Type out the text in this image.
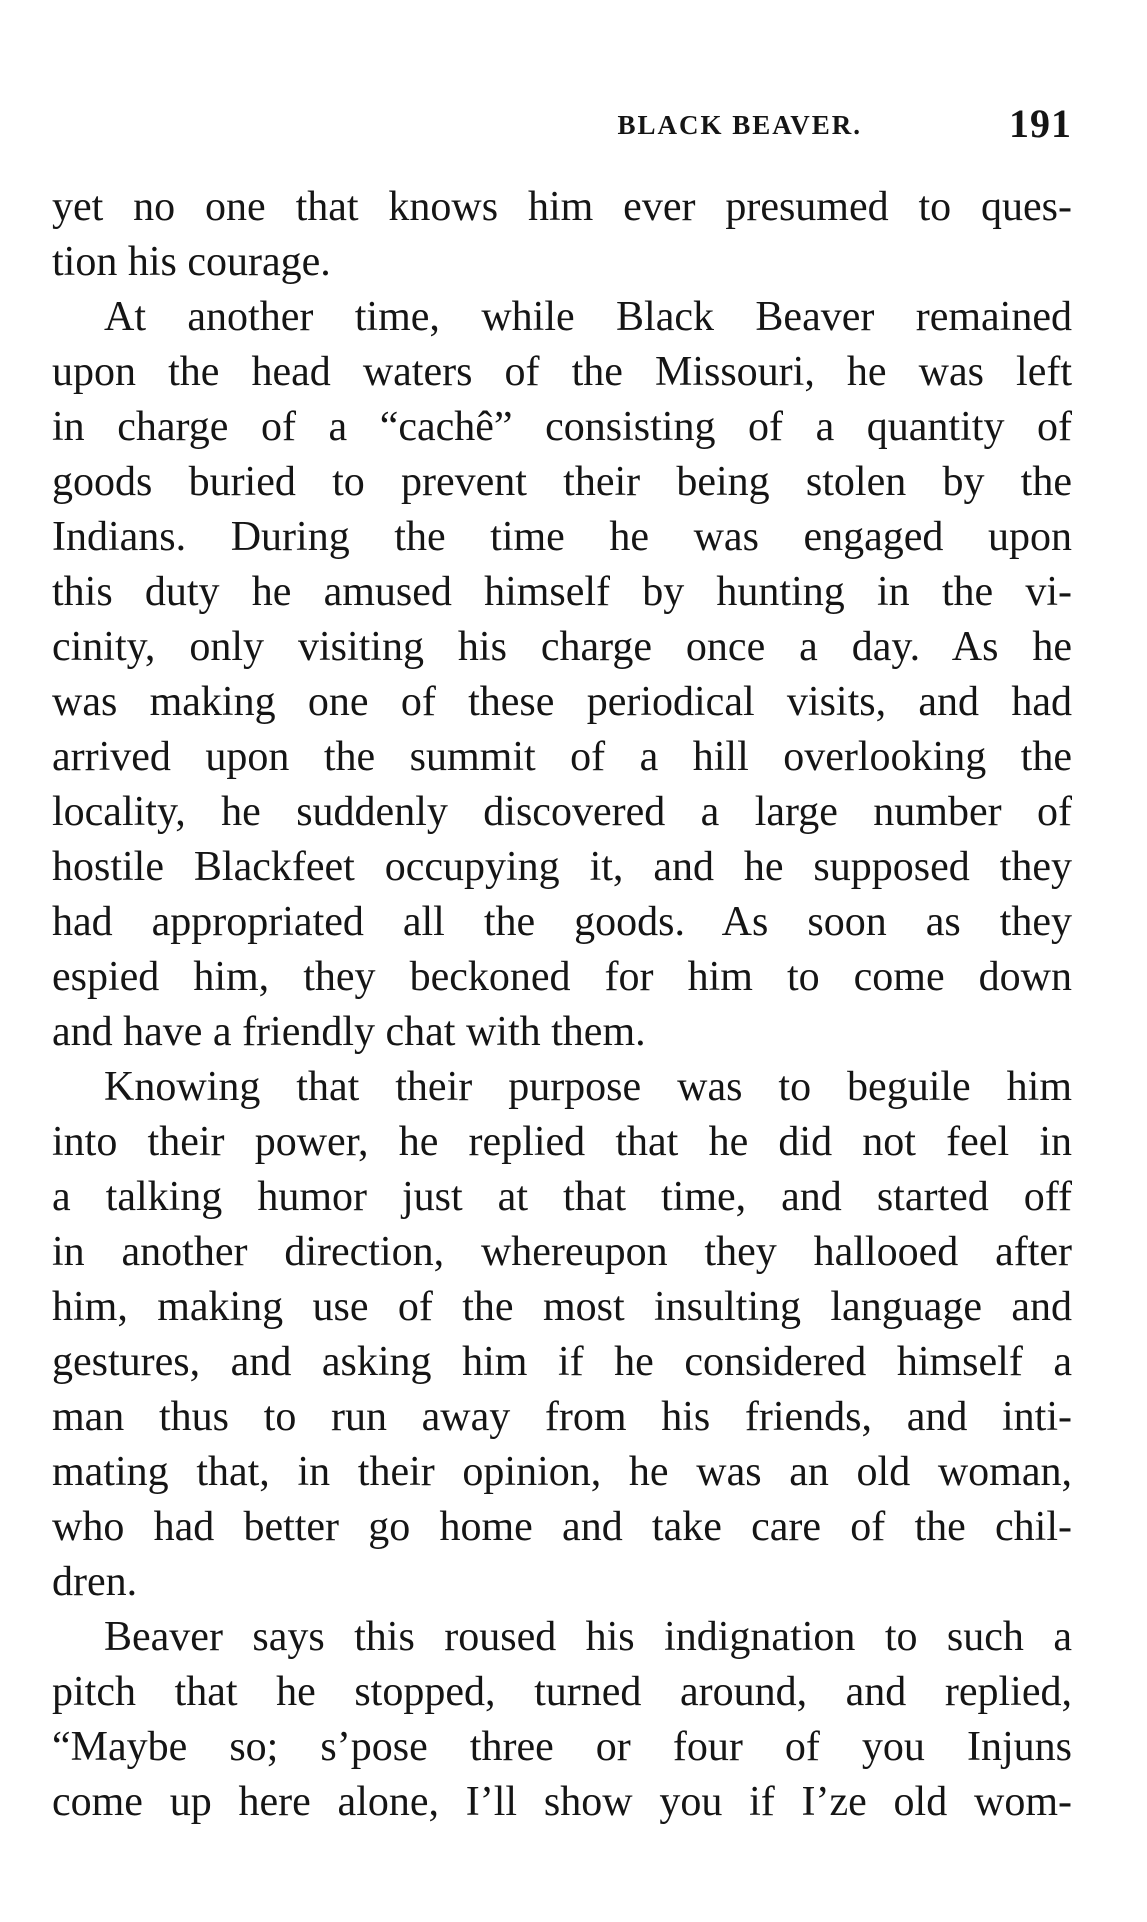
BLACK BEAVER.	191
yet no one that knows him ever presumed to ques-
tion his courage.
At another time, while Black Beaver remained
upon the head waters of the Missouri, he was left
in charge of a “cachê” consisting of a quantity of
goods buried to prevent their being stolen by the
Indians. During the time he was engaged upon
this duty he amused himself by hunting in the vi-
cinity, only visiting his charge once a day. As he
was making one of these periodical visits, and had
arrived upon the summit of a hill overlooking the
locality, he suddenly discovered a large number of
hostile Blackfeet occupying it, and he supposed they
had appropriated all the goods. As soon as they
espied him, they beckoned for him to come down
and have a friendly chat with them.
Knowing that their purpose was to beguile him
into their power, he replied that he did not feel in
a talking humor just at that time, and started off
in another direction, whereupon they hallooed after
him, making use of the most insulting language and
gestures, and asking him if he considered himself a
man thus to run away from his friends, and inti-
mating that, in their opinion, he was an old woman,
who had better go home and take care of the chil-
dren.
Beaver says this roused his indignation to such a
pitch that he stopped, turned around, and replied,
“Maybe so; s’pose three or four of you Injuns
come up here alone, I’ll show you if I’ze old wom-
